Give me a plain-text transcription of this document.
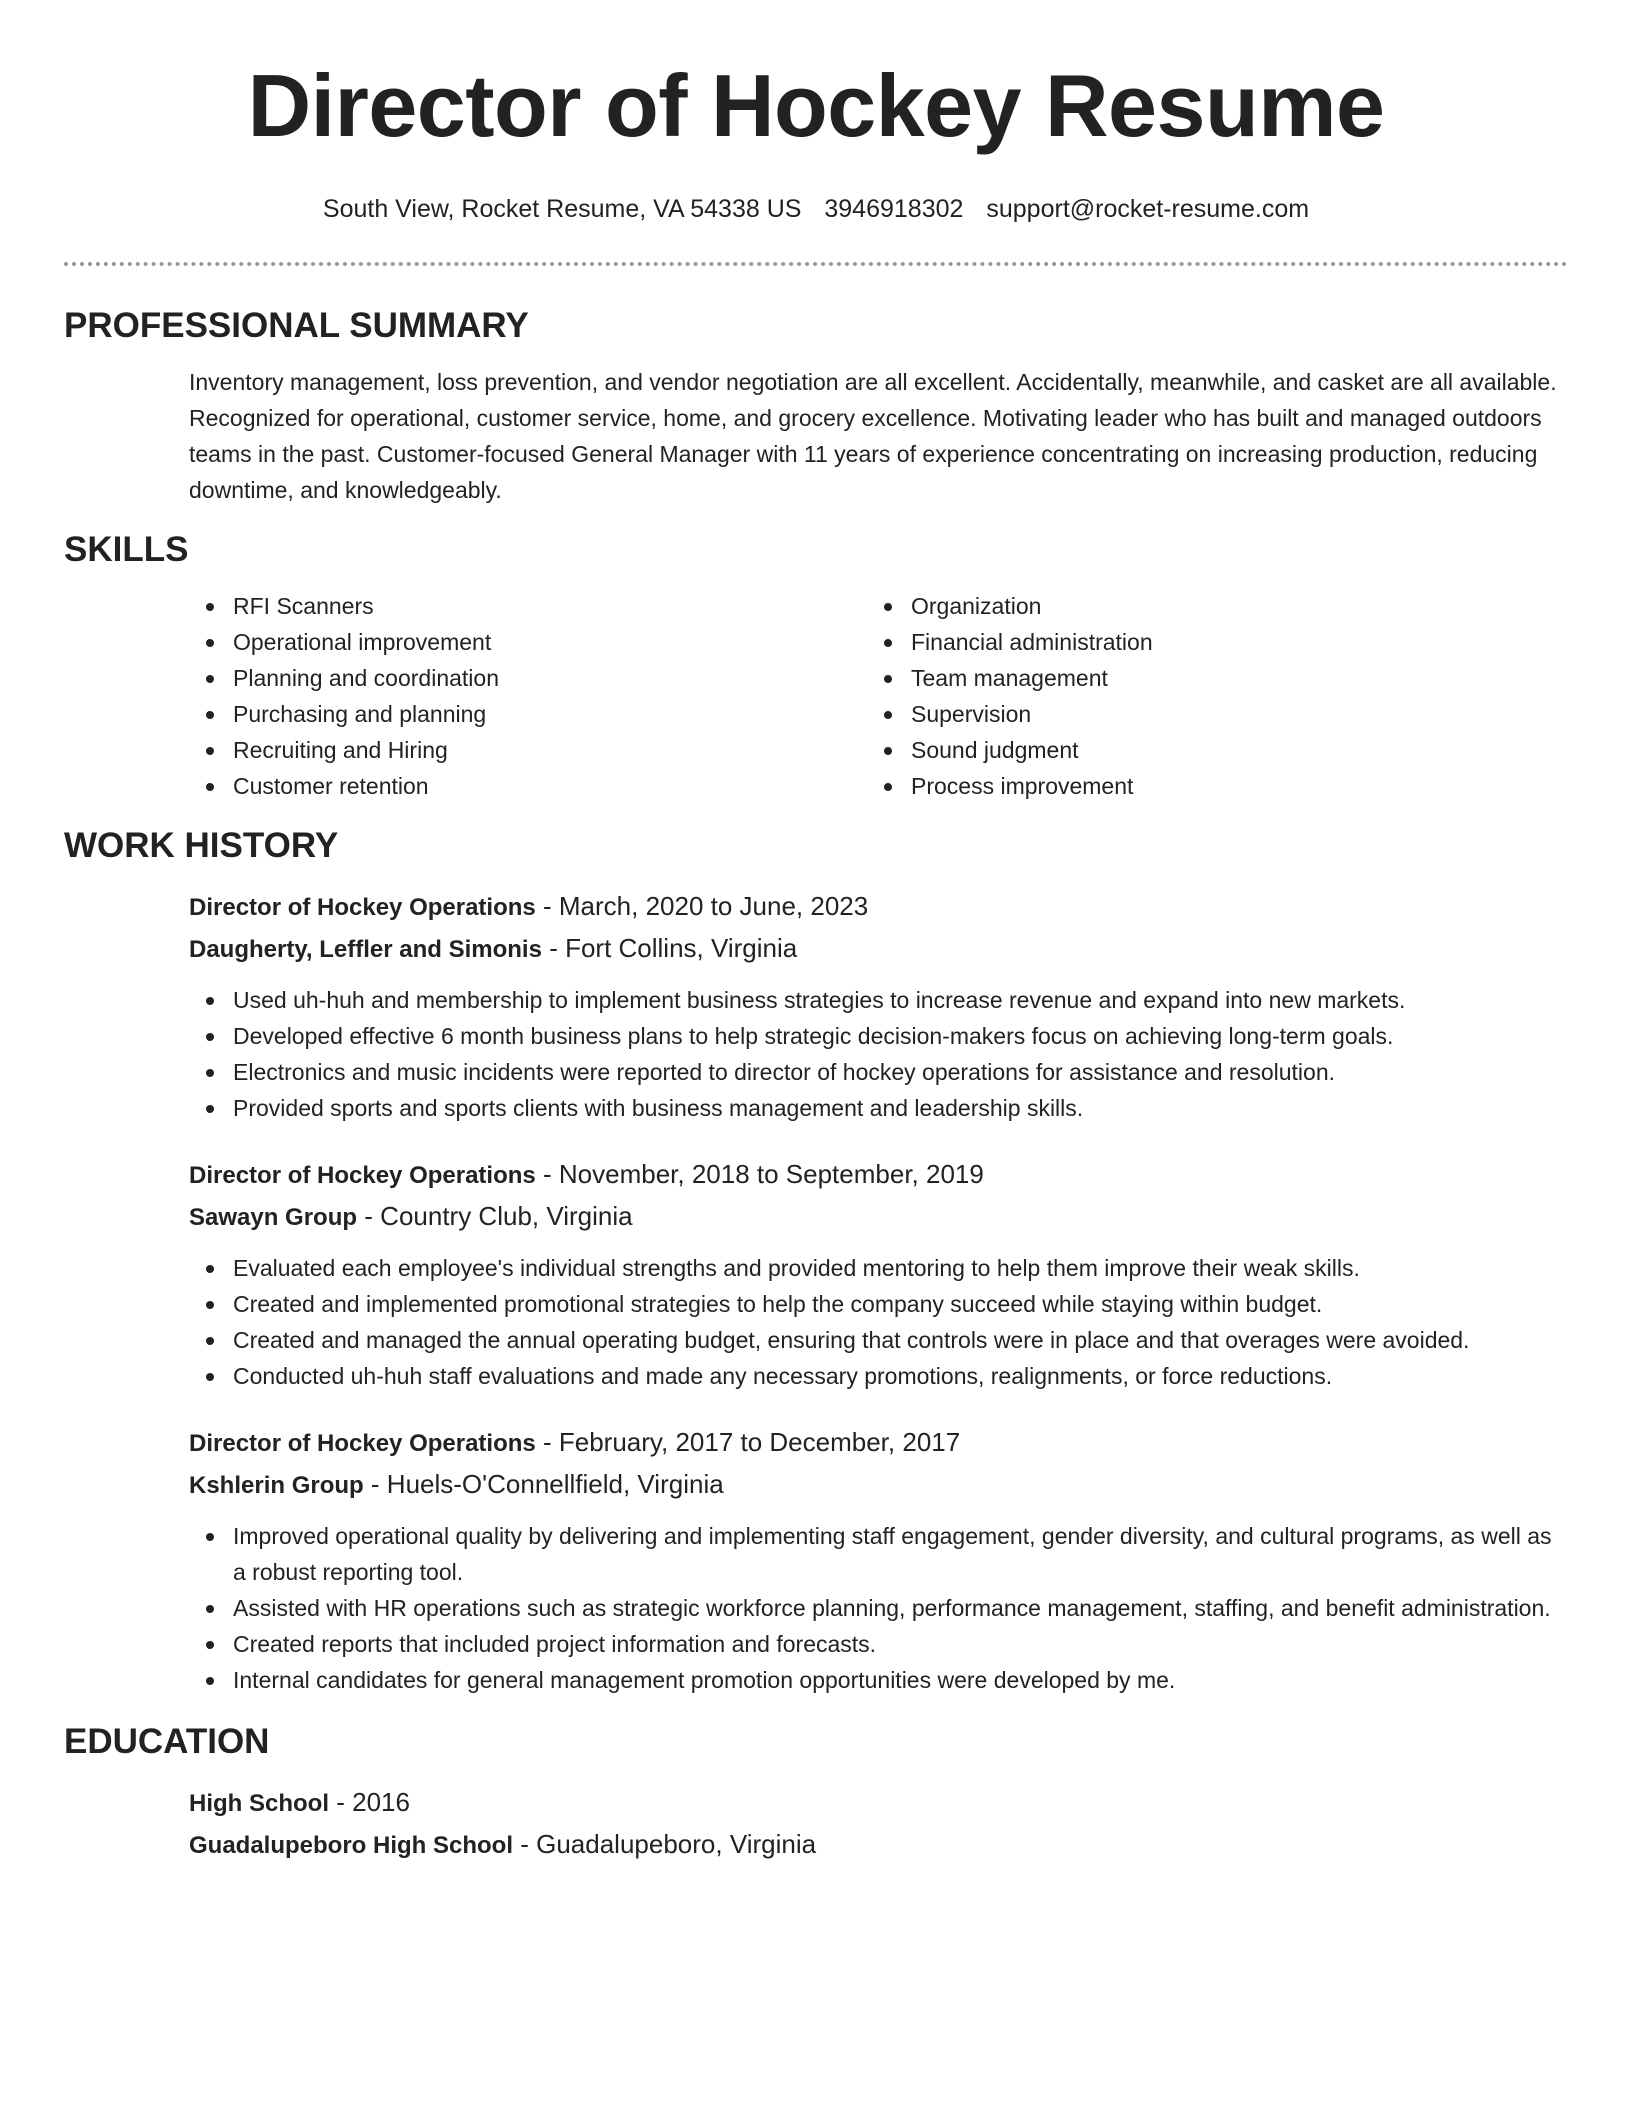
Director of Hockey Resume
South View, Rocket Resume, VA 54338 US 3946918302 support@rocket-resume.com
PROFESSIONAL SUMMARY

Inventory management, loss prevention, and vendor negotiation are all excellent. Accidentally, meanwhile, and casket are all available. Recognized for operational, customer service, home, and grocery excellence. Motivating leader who has built and managed outdoors teams in the past. Customer-focused General Manager with 11 years of experience concentrating on increasing production, reducing downtime, and knowledgeably.

SKILLS
RFI Scanners
Operational improvement
Planning and coordination
Purchasing and planning
Recruiting and Hiring
Customer retention
Organization
Financial administration
Team management
Supervision
Sound judgment
Process improvement
WORK HISTORY
Director of Hockey Operations - March, 2020 to June, 2023
Daugherty, Leffler and Simonis - Fort Collins, Virginia
Used uh-huh and membership to implement business strategies to increase revenue and expand into new markets.
Developed effective 6 month business plans to help strategic decision-makers focus on achieving long-term goals.
Electronics and music incidents were reported to director of hockey operations for assistance and resolution.
Provided sports and sports clients with business management and leadership skills.
Director of Hockey Operations - November, 2018 to September, 2019
Sawayn Group - Country Club, Virginia
Evaluated each employee's individual strengths and provided mentoring to help them improve their weak skills.
Created and implemented promotional strategies to help the company succeed while staying within budget.
Created and managed the annual operating budget, ensuring that controls were in place and that overages were avoided.
Conducted uh-huh staff evaluations and made any necessary promotions, realignments, or force reductions.
Director of Hockey Operations - February, 2017 to December, 2017
Kshlerin Group - Huels-O'Connellfield, Virginia
Improved operational quality by delivering and implementing staff engagement, gender diversity, and cultural programs, as well as a robust reporting tool.
Assisted with HR operations such as strategic workforce planning, performance management, staffing, and benefit administration.
Created reports that included project information and forecasts.
Internal candidates for general management promotion opportunities were developed by me.
EDUCATION
High School - 2016
Guadalupeboro High School - Guadalupeboro, Virginia
